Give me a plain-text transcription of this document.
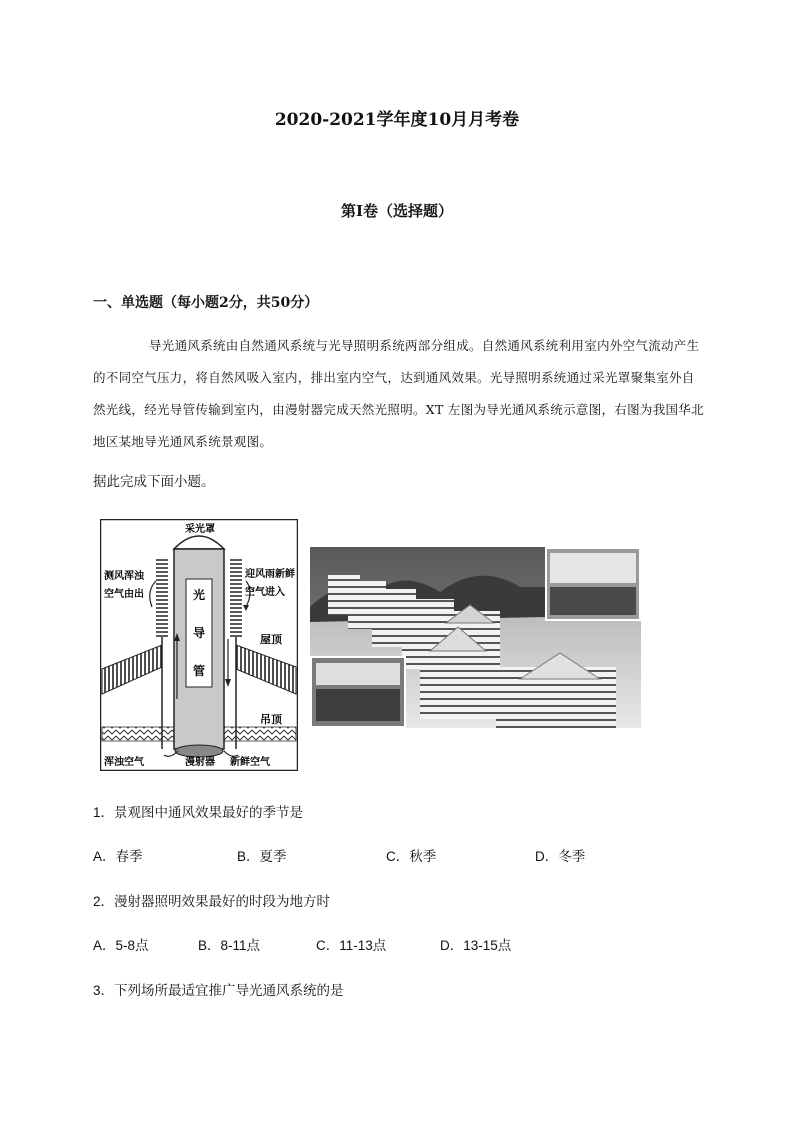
2020-2021学年度10月月考卷
第I卷（选择题）
一、单选题（每小题2分，共50分）
导光通风系统由自然通风系统与光导照明系统两部分组成。自然通风系统利用室内外空气流动产生的不同空气压力，将自然风吸入室内，排出室内空气，达到通风效果。光导照明系统通过采光罩聚集室外自然光线，经光导管传输到室内，由漫射器完成天然光照明。XT 左图为导光通风系统示意图，右图为我国华北地区某地导光通风系统景观图。
据此完成下面小题。
采光罩
测风浑浊
空气由出
迎风雨新鲜
空气进入
光
导
管
屋顶
吊顶
浑浊空气	漫射器 新鲜空气
1．景观图中通风效果最好的季节是
A．春季	B．夏季	C．秋季	D．冬季
2．漫射器照明效果最好的时段为地方时
A．5-8点	B．8-11点	C．11-13点	D．13-15点
3．下列场所最适宜推广导光通风系统的是
